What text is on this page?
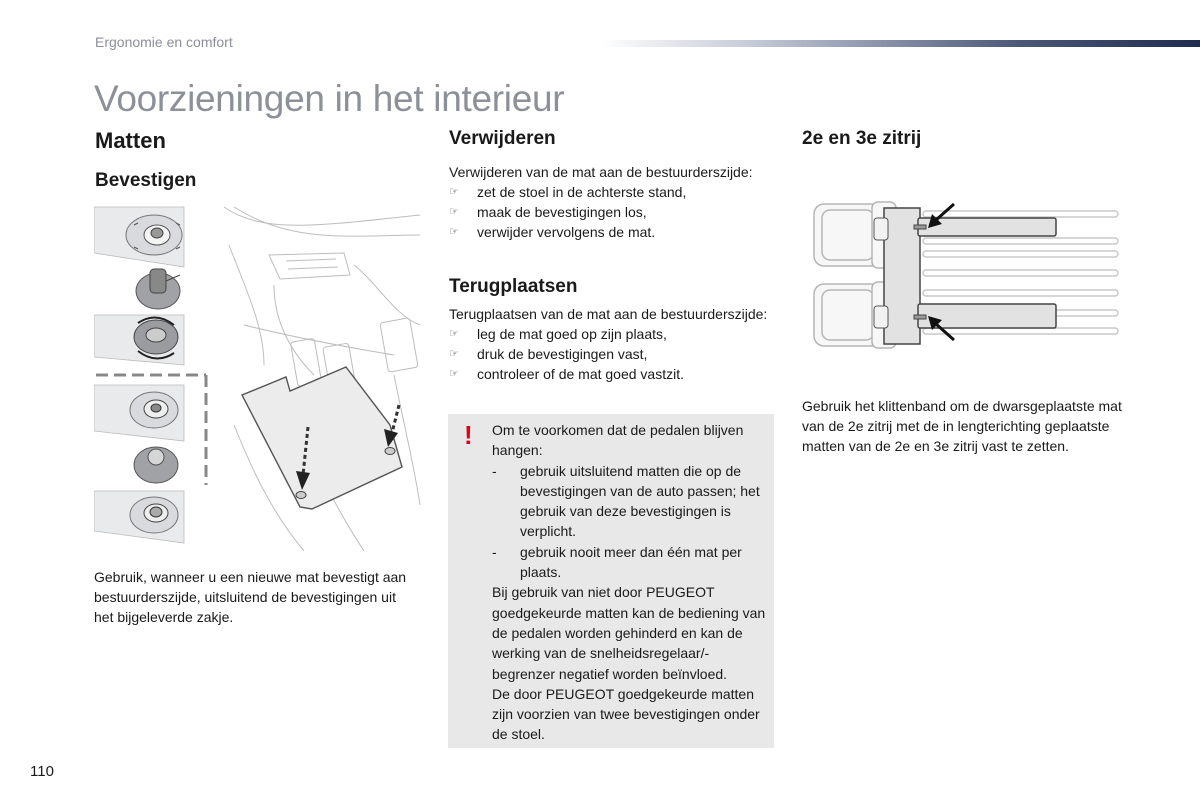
Ergonomie en comfort
Voorzieningen in het interieur
Matten
Bevestigen
Gebruik, wanneer u een nieuwe mat bevestigt aan bestuurderszijde, uitsluitend de bevestigingen uit het bijgeleverde zakje.
Verwijderen
Verwijderen van de mat aan de bestuurderszijde:
☞ zet de stoel in de achterste stand,
☞ maak de bevestigingen los,
☞ verwijder vervolgens de mat.
Terugplaatsen
Terugplaatsen van de mat aan de bestuurderszijde:
☞ leg de mat goed op zijn plaats,
☞ druk de bevestigingen vast,
☞ controleer of de mat goed vastzit.
! Om te voorkomen dat de pedalen blijven hangen:
- gebruik uitsluitend matten die op de bevestigingen van de auto passen; het gebruik van deze bevestigingen is verplicht.
- gebruik nooit meer dan één mat per plaats.
Bij gebruik van niet door PEUGEOT goedgekeurde matten kan de bediening van de pedalen worden gehinderd en kan de werking van de snelheidsregelaar/-begrenzer negatief worden beïnvloed.
De door PEUGEOT goedgekeurde matten zijn voorzien van twee bevestigingen onder de stoel.
2e en 3e zitrij
Gebruik het klittenband om de dwarsgeplaatste mat van de 2e zitrij met de in lengterichting geplaatste matten van de 2e en 3e zitrij vast te zetten.
110
